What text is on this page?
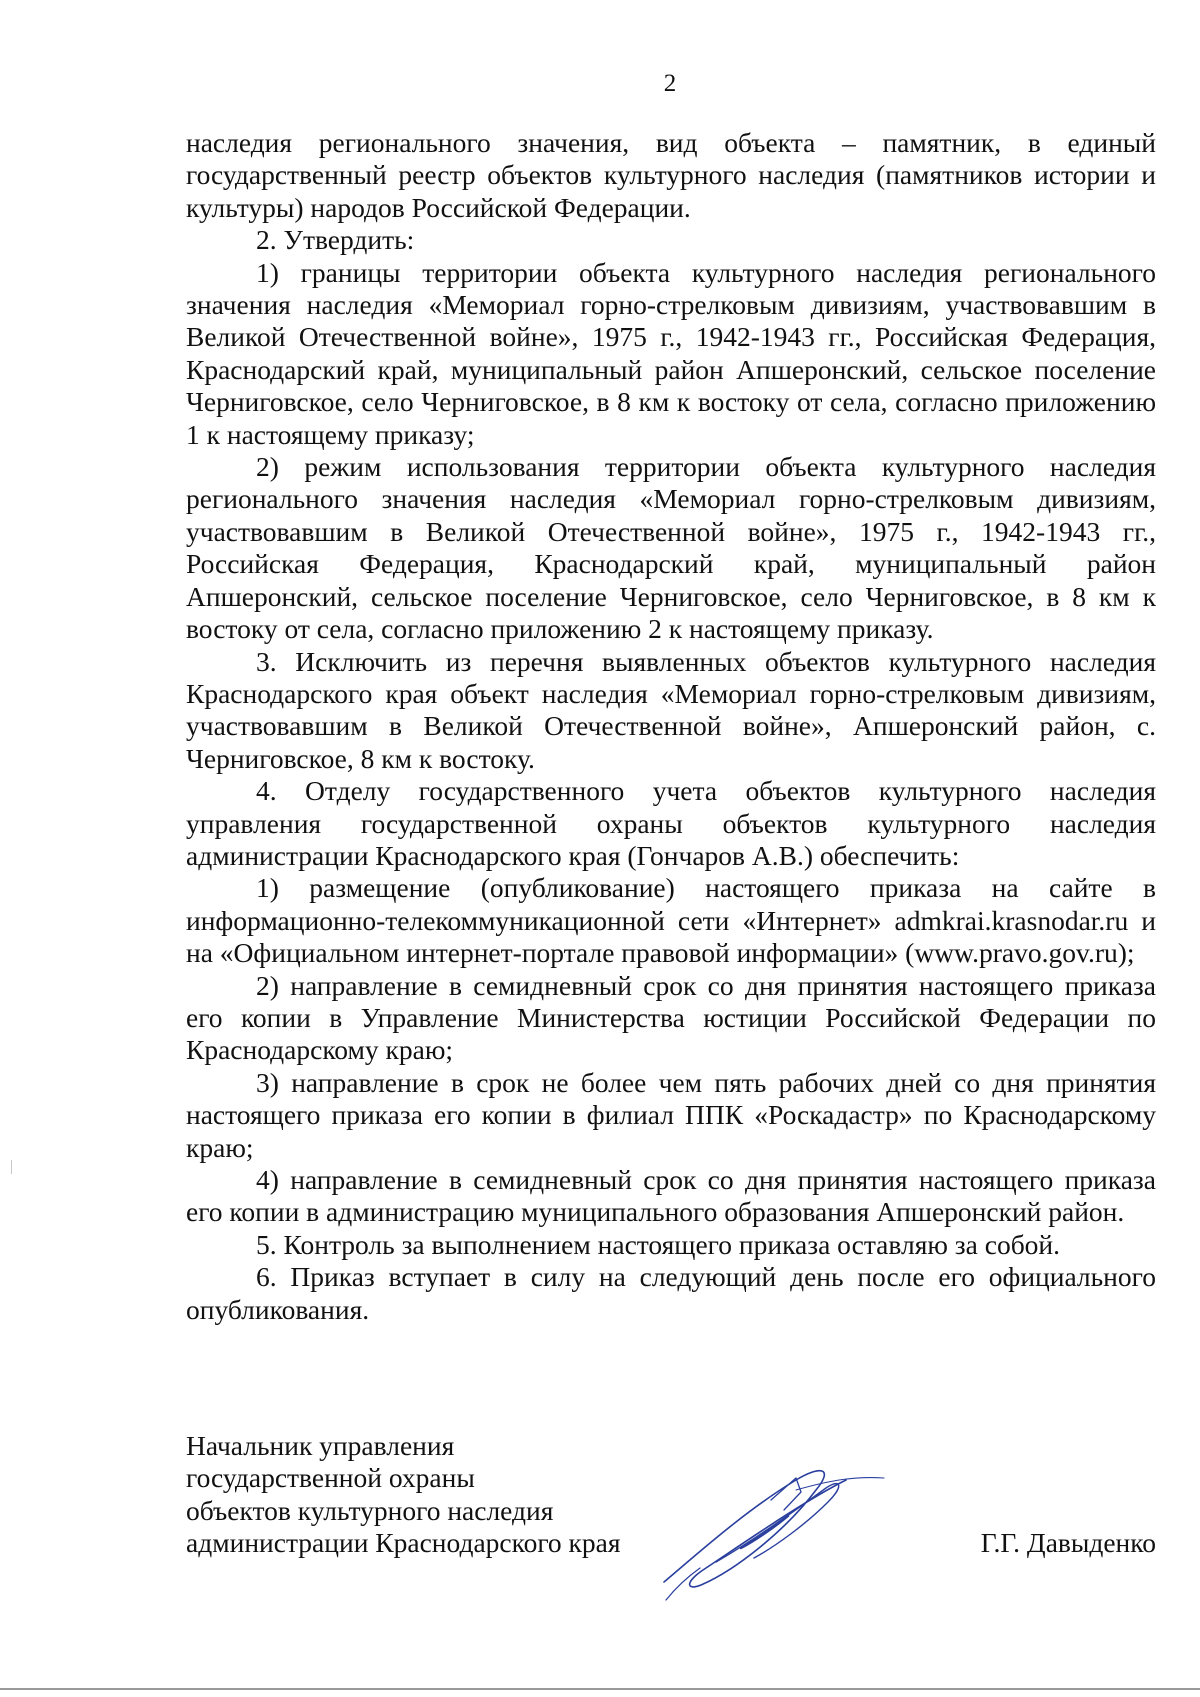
2

наследия регионального значения, вид объекта – памятник, в единый государственный реестр объектов культурного наследия (памятников истории и культуры) народов Российской Федерации.

2. Утвердить:

1) границы территории объекта культурного наследия регионального значения наследия «Мемориал горно-стрелковым дивизиям, участвовавшим в Великой Отечественной войне», 1975 г., 1942-1943 гг., Российская Федерация, Краснодарский край, муниципальный район Апшеронский, сельское поселение Черниговское, село Черниговское, в 8 км к востоку от села, согласно приложению 1 к настоящему приказу;

2) режим использования территории объекта культурного наследия регионального значения наследия «Мемориал горно-стрелковым дивизиям, участвовавшим в Великой Отечественной войне», 1975 г., 1942-1943 гг., Российская Федерация, Краснодарский край, муниципальный район Апшеронский, сельское поселение Черниговское, село Черниговское, в 8 км к востоку от села, согласно приложению 2 к настоящему приказу.

3. Исключить из перечня выявленных объектов культурного наследия Краснодарского края объект наследия «Мемориал горно-стрелковым дивизиям, участвовавшим в Великой Отечественной войне», Апшеронский район, с. Черниговское, 8 км к востоку.

4. Отделу государственного учета объектов культурного наследия управления государственной охраны объектов культурного наследия администрации Краснодарского края (Гончаров А.В.) обеспечить:

1) размещение (опубликование) настоящего приказа на сайте в информационно-телекоммуникационной сети «Интернет» admkrai.krasnodar.ru и на «Официальном интернет-портале правовой информации» (www.pravo.gov.ru);

2) направление в семидневный срок со дня принятия настоящего приказа его копии в Управление Министерства юстиции Российской Федерации по Краснодарскому краю;

3) направление в срок не более чем пять рабочих дней со дня принятия настоящего приказа его копии в филиал ППК «Роскадастр» по Краснодарскому краю;

4) направление в семидневный срок со дня принятия настоящего приказа его копии в администрацию муниципального образования Апшеронский район.

5. Контроль за выполнением настоящего приказа оставляю за собой.

6. Приказ вступает в силу на следующий день после его официального опубликования.

Начальник управления
государственной охраны
объектов культурного наследия
администрации Краснодарского края	Г.Г. Давыденко
